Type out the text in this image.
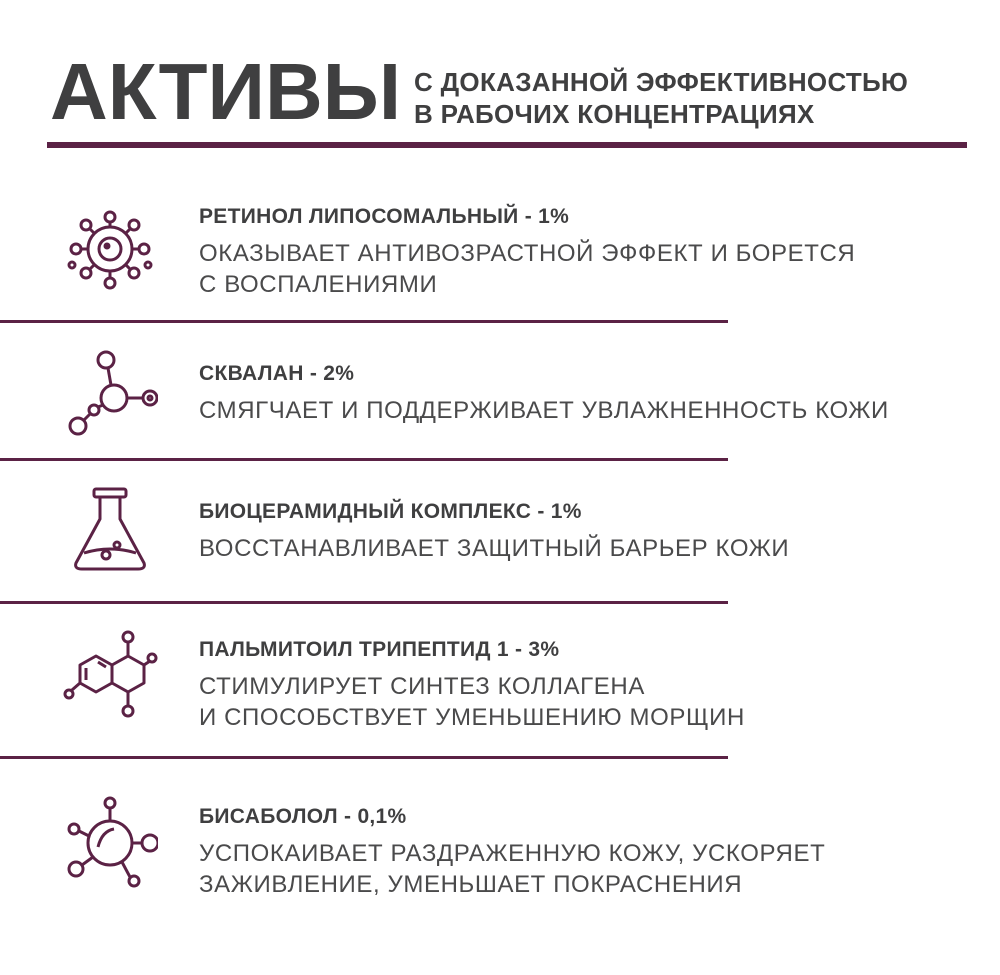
АКТИВЫ С ДОКАЗАННОЙ ЭФФЕКТИВНОСТЬЮ
В РАБОЧИХ КОНЦЕНТРАЦИЯХ
РЕТИНОЛ ЛИПОСОМАЛЬНЫЙ - 1%
ОКАЗЫВАЕТ АНТИВОЗРАСТНОЙ ЭФФЕКТ И БОРЕТСЯ
С ВОСПАЛЕНИЯМИ
СКВАЛАН - 2%
СМЯГЧАЕТ И ПОДДЕРЖИВАЕТ УВЛАЖНЕННОСТЬ КОЖИ
БИОЦЕРАМИДНЫЙ КОМПЛЕКС - 1%
ВОССТАНАВЛИВАЕТ ЗАЩИТНЫЙ БАРЬЕР КОЖИ
ПАЛЬМИТОИЛ ТРИПЕПТИД 1 - 3%
СТИМУЛИРУЕТ СИНТЕЗ КОЛЛАГЕНА
И СПОСОБСТВУЕТ УМЕНЬШЕНИЮ МОРЩИН
БИСАБОЛОЛ - 0,1%
УСПОКАИВАЕТ РАЗДРАЖЕННУЮ КОЖУ, УСКОРЯЕТ
ЗАЖИВЛЕНИЕ, УМЕНЬШАЕТ ПОКРАСНЕНИЯ
